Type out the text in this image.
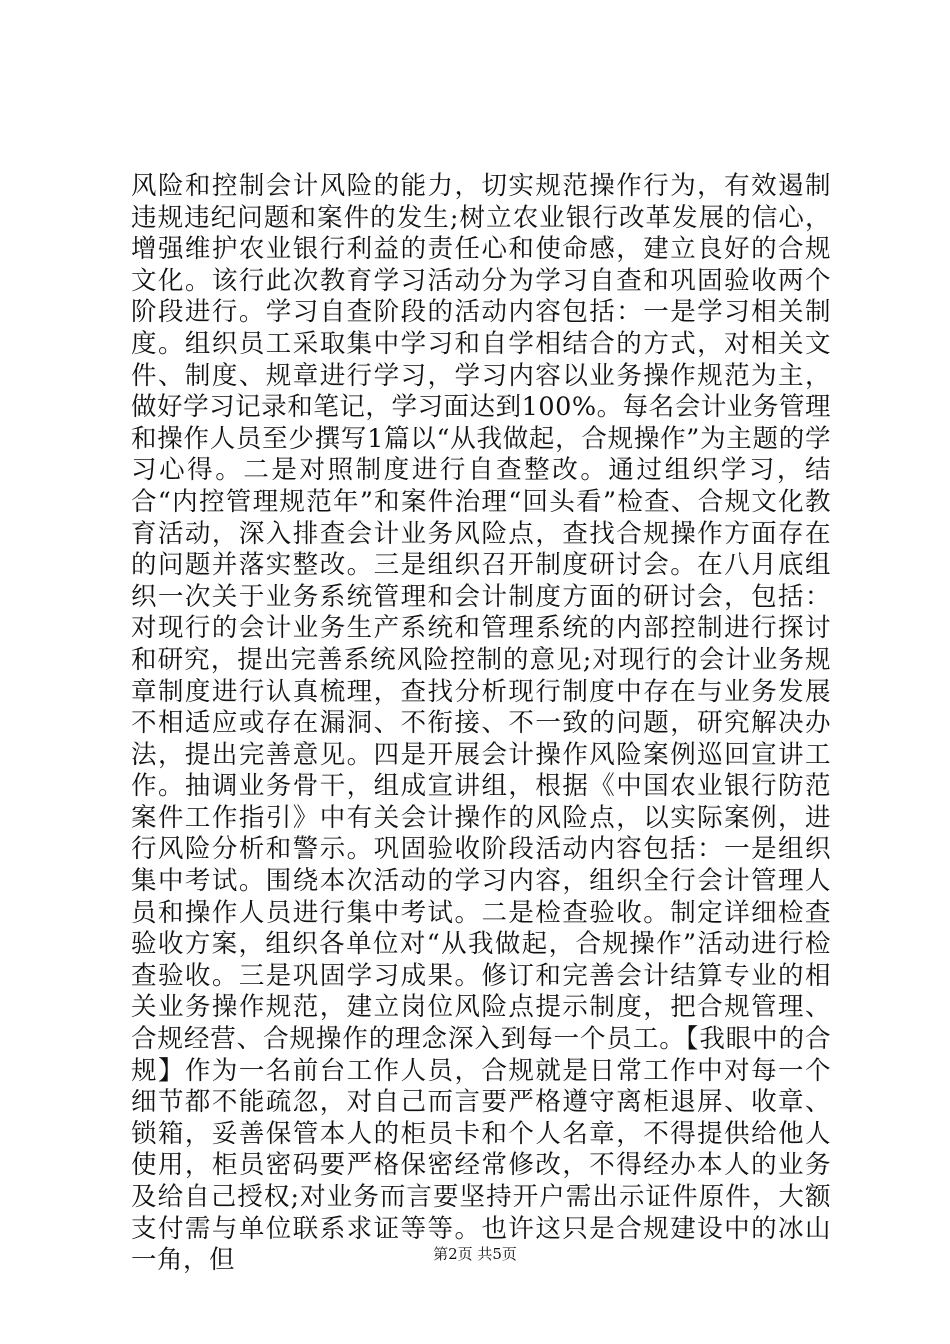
风险和控制会计风险的能力，切实规范操作行为，有效遏制违规违纪问题和案件的发生;树立农业银行改革发展的信心，增强维护农业银行利益的责任心和使命感，建立良好的合规文化。该行此次教育学习活动分为学习自查和巩固验收两个阶段进行。学习自查阶段的活动内容包括：一是学习相关制度。组织员工采取集中学习和自学相结合的方式，对相关文件、制度、规章进行学习，学习内容以业务操作规范为主，做好学习记录和笔记，学习面达到100%。每名会计业务管理和操作人员至少撰写1篇以“从我做起，合规操作”为主题的学习心得。二是对照制度进行自查整改。通过组织学习，结合“内控管理规范年”和案件治理“回头看”检查、合规文化教育活动，深入排查会计业务风险点，查找合规操作方面存在的问题并落实整改。三是组织召开制度研讨会。在八月底组织一次关于业务系统管理和会计制度方面的研讨会，包括：对现行的会计业务生产系统和管理系统的内部控制进行探讨和研究，提出完善系统风险控制的意见;对现行的会计业务规章制度进行认真梳理，查找分析现行制度中存在与业务发展不相适应或存在漏洞、不衔接、不一致的问题，研究解决办法，提出完善意见。四是开展会计操作风险案例巡回宣讲工作。抽调业务骨干，组成宣讲组，根据《中国农业银行防范案件工作指引》中有关会计操作的风险点，以实际案例，进行风险分析和警示。巩固验收阶段活动内容包括：一是组织集中考试。围绕本次活动的学习内容，组织全行会计管理人员和操作人员进行集中考试。二是检查验收。制定详细检查验收方案，组织各单位对“从我做起，合规操作”活动进行检查验收。三是巩固学习成果。修订和完善会计结算专业的相关业务操作规范，建立岗位风险点提示制度，把合规管理、合规经营、合规操作的理念深入到每一个员工。【我眼中的合规】作为一名前台工作人员，合规就是日常工作中对每一个细节都不能疏忽，对自己而言要严格遵守离柜退屏、收章、锁箱，妥善保管本人的柜员卡和个人名章，不得提供给他人使用，柜员密码要严格保密经常修改，不得经办本人的业务及给自己授权;对业务而言要坚持开户需出示证件原件，大额支付需与单位联系求证等等。也许这只是合规建设中的冰山一角，但	第2页 共5页
